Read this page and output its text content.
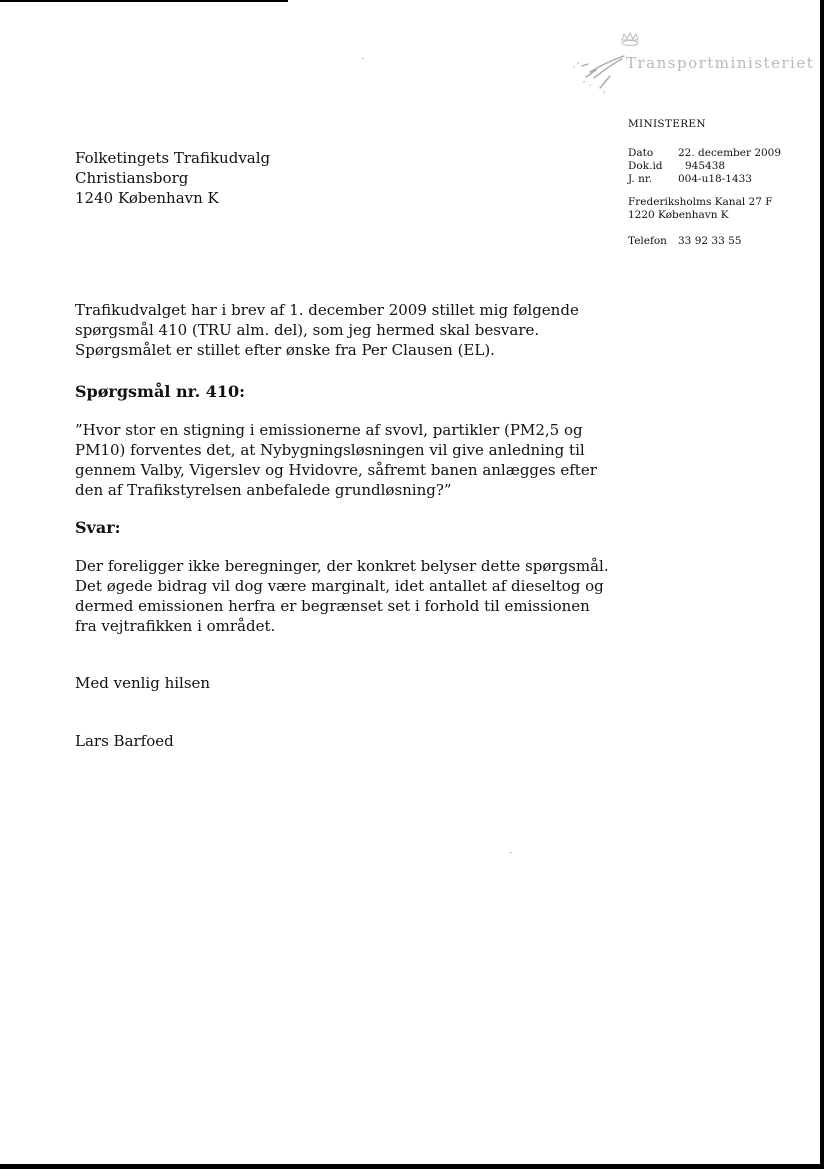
Transportministeriet
MINISTEREN
Dato	22. december 2009
Dok.id	945438
J. nr.	004-u18-1433
Frederiksholms Kanal 27 F
1220 København K
Telefon	33 92 33 55
Folketingets Trafikudvalg
Christiansborg
1240 København K

Trafikudvalget har i brev af 1. december 2009 stillet mig følgende spørgsmål 410 (TRU alm. del), som jeg hermed skal besvare. Spørgsmålet er stillet efter ønske fra Per Clausen (EL).

Spørgsmål nr. 410:

”Hvor stor en stigning i emissionerne af svovl, partikler (PM2,5 og PM10) forventes det, at Nybygningsløsningen vil give anledning til gennem Valby, Vigerslev og Hvidovre, såfremt banen anlægges efter den af Trafikstyrelsen anbefalede grundløsning?”

Svar:

Der foreligger ikke beregninger, der konkret belyser dette spørgsmål. Det øgede bidrag vil dog være marginalt, idet antallet af dieseltog og dermed emissionen herfra er begrænset set i forhold til emissionen fra vejtrafikken i området.

Med venlig hilsen

Lars Barfoed
